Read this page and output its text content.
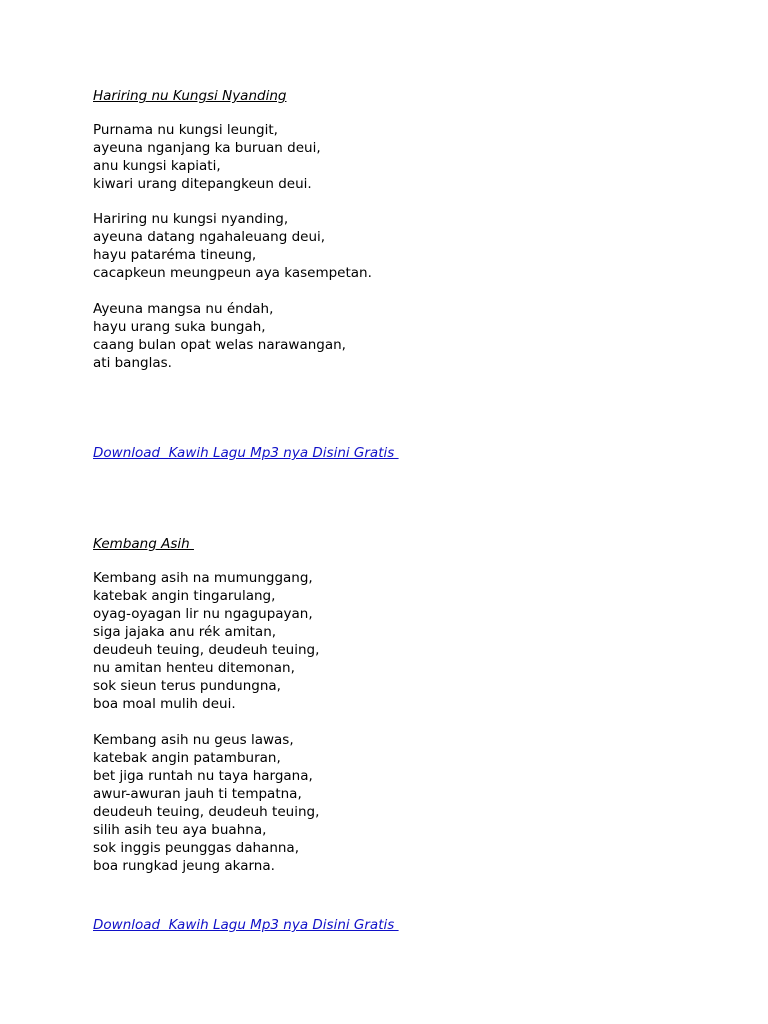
Hariring nu Kungsi Nyanding
Purnama nu kungsi leungit,
ayeuna nganjang ka buruan deui,
anu kungsi kapiati,
kiwari urang ditepangkeun deui.
Hariring nu kungsi nyanding,
ayeuna datang ngahaleuang deui,
hayu pataréma tineung,
cacapkeun meungpeun aya kasempetan.
Ayeuna mangsa nu éndah,
hayu urang suka bungah,
caang bulan opat welas narawangan,
ati banglas.
Download  Kawih Lagu Mp3 nya Disini Gratis
Kembang Asih
Kembang asih na mumunggang,
katebak angin tingarulang,
oyag-oyagan lir nu ngagupayan,
siga jajaka anu rék amitan,
deudeuh teuing, deudeuh teuing,
nu amitan henteu ditemonan,
sok sieun terus pundungna,
boa moal mulih deui.
Kembang asih nu geus lawas,
katebak angin patamburan,
bet jiga runtah nu taya hargana,
awur-awuran jauh ti tempatna,
deudeuh teuing, deudeuh teuing,
silih asih teu aya buahna,
sok inggis peunggas dahanna,
boa rungkad jeung akarna.
Download  Kawih Lagu Mp3 nya Disini Gratis
